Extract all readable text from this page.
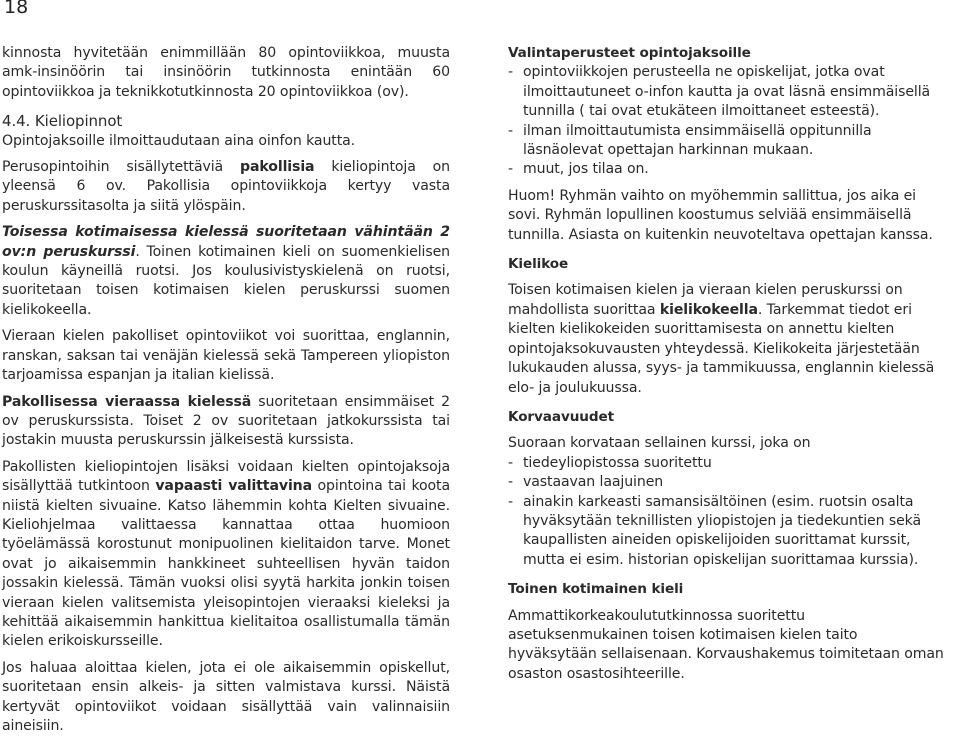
18

kinnosta hyvitetään enimmillään 80 opintoviikkoa, muusta amk-insinöörin tai insinöörin tutkinnosta enintään 60 opintoviikkoa ja teknikkotutkinnosta 20 opintoviikkoa (ov).

4.4. Kieliopinnot

Opintojaksoille ilmoittaudutaan aina oinfon kautta.

Perusopintoihin sisällytettäviä pakollisia kieliopintoja on yleensä 6 ov. Pakollisia opintoviikkoja kertyy vasta peruskurssitasolta ja siitä ylöspäin.

Toisessa kotimaisessa kielessä suoritetaan vähintään 2 ov:n peruskurssi. Toinen kotimainen kieli on suomenkielisen koulun käyneillä ruotsi. Jos koulusivistyskielenä on ruotsi, suoritetaan toisen kotimaisen kielen peruskurssi suomen kielikokeella.

Vieraan kielen pakolliset opintoviikot voi suorittaa, englannin, ranskan, saksan tai venäjän kielessä sekä Tampereen yliopiston tarjoamissa espanjan ja italian kielissä.

Pakollisessa vieraassa kielessä suoritetaan ensimmäiset 2 ov peruskurssista. Toiset 2 ov suoritetaan jatkokurssista tai jostakin muusta peruskurssin jälkeisestä kurssista.

Pakollisten kieliopintojen lisäksi voidaan kielten opintojaksoja sisällyttää tutkintoon vapaasti valittavina opintoina tai koota niistä kielten sivuaine. Katso lähemmin kohta Kielten sivuaine. Kieliohjelmaa valittaessa kannattaa ottaa huomioon työelämässä korostunut monipuolinen kielitaidon tarve. Monet ovat jo aikaisemmin hankkineet suhteellisen hyvän taidon jossakin kielessä. Tämän vuoksi olisi syytä harkita jonkin toisen vieraan kielen valitsemista yleisopintojen vieraaksi kieleksi ja kehittää aikaisemmin hankittua kielitaitoa osallistumalla tämän kielen erikoiskursseille.

Jos haluaa aloittaa kielen, jota ei ole aikaisemmin opiskellut, suoritetaan ensin alkeis- ja sitten valmistava kurssi. Näistä kertyvät opintoviikot voidaan sisällyttää vain valinnaisiin aineisiin.

Valintaperusteet opintojaksoille

- opintoviikkojen perusteella ne opiskelijat, jotka ovat ilmoittautuneet o-infon kautta ja ovat läsnä ensimmäisellä tunnilla ( tai ovat etukäteen ilmoittaneet esteestä).
- ilman ilmoittautumista ensimmäisellä oppitunnilla läsnäolevat opettajan harkinnan mukaan.
- muut, jos tilaa on.

Huom! Ryhmän vaihto on myöhemmin sallittua, jos aika ei sovi. Ryhmän lopullinen koostumus selviää ensimmäisellä tunnilla. Asiasta on kuitenkin neuvoteltava opettajan kanssa.

Kielikoe

Toisen kotimaisen kielen ja vieraan kielen peruskurssi on mahdollista suorittaa kielikokeella. Tarkemmat tiedot eri kielten kielikokeiden suorittamisesta on annettu kielten opintojaksokuvausten yhteydessä. Kielikokeita järjestetään lukukauden alussa, syys- ja tammikuussa, englannin kielessä elo- ja joulukuussa.

Korvaavuudet

Suoraan korvataan sellainen kurssi, joka on

- tiedeyliopistossa suoritettu
- vastaavan laajuinen
- ainakin karkeasti samansisältöinen (esim. ruotsin osalta hyväksytään teknillisten yliopistojen ja tiedekuntien sekä kaupallisten aineiden opiskelijoiden suorittamat kurssit, mutta ei esim. historian opiskelijan suorittamaa kurssia).

Toinen kotimainen kieli

Ammattikorkeakoulututkinnossa suoritettu asetuksenmukainen toisen kotimaisen kielen taito hyväksytään sellaisenaan. Korvaushakemus toimitetaan oman osaston osastosihteerille.
